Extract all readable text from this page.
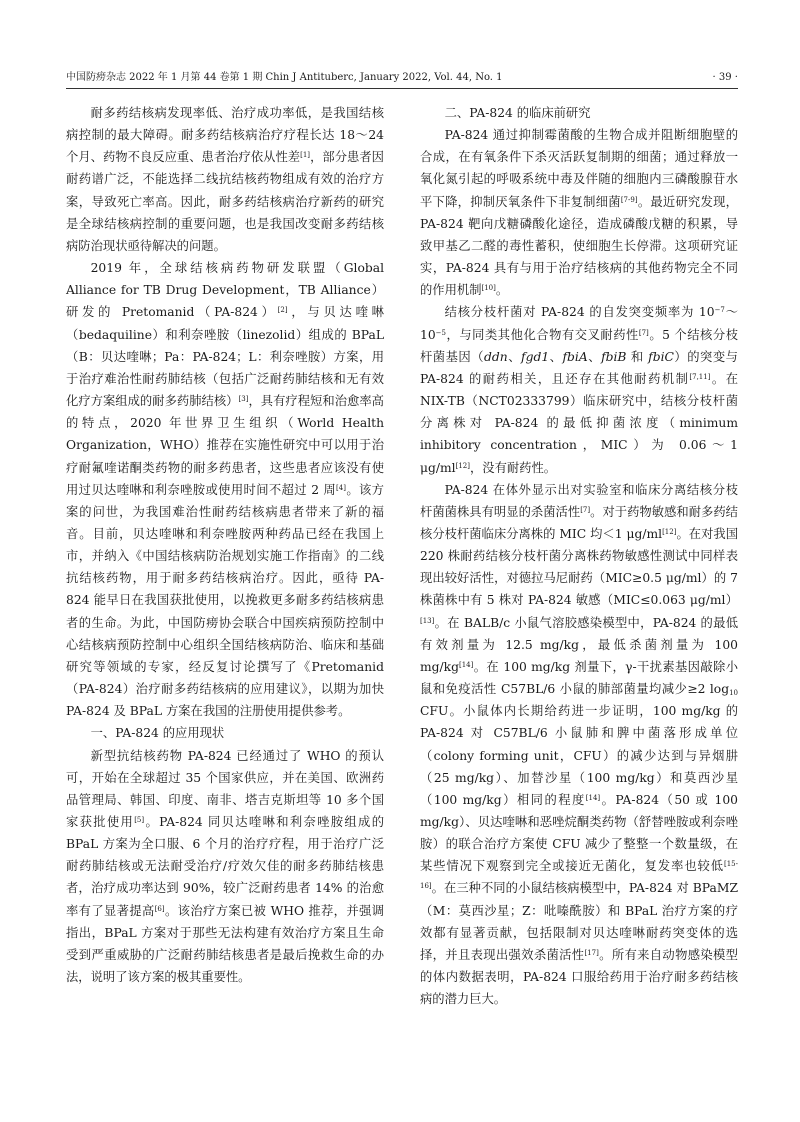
中国防痨杂志 2022 年 1 月第 44 卷第 1 期 Chin J Antituberc, January 2022, Vol. 44, No. 1	· 39 ·

耐多药结核病发现率低、治疗成功率低，是我国结核病控制的最大障碍。耐多药结核病治疗疗程长达 18～24 个月、药物不良反应重、患者治疗依从性差[1]，部分患者因耐药谱广泛，不能选择二线抗结核药物组成有效的治疗方案，导致死亡率高。因此，耐多药结核病治疗新药的研究是全球结核病控制的重要问题，也是我国改变耐多药结核病防治现状亟待解决的问题。

2019 年，全球结核病药物研发联盟（Global Alliance for TB Drug Development，TB Alliance）研发的 Pretomanid（PA-824）[2]，与贝达喹啉（bedaquiline）和利奈唑胺（linezolid）组成的 BPaL（B：贝达喹啉；Pa：PA-824；L：利奈唑胺）方案，用于治疗难治性耐药肺结核（包括广泛耐药肺结核和无有效化疗方案组成的耐多药肺结核）[3]，具有疗程短和治愈率高的特点，2020 年世界卫生组织（World Health Organization，WHO）推荐在实施性研究中可以用于治疗耐氟喹诺酮类药物的耐多药患者，这些患者应该没有使用过贝达喹啉和利奈唑胺或使用时间不超过 2 周[4]。该方案的问世，为我国难治性耐药结核病患者带来了新的福音。目前，贝达喹啉和利奈唑胺两种药品已经在我国上市，并纳入《中国结核病防治规划实施工作指南》的二线抗结核药物，用于耐多药结核病治疗。因此，亟待 PA-824 能早日在我国获批使用，以挽救更多耐多药结核病患者的生命。为此，中国防痨协会联合中国疾病预防控制中心结核病预防控制中心组织全国结核病防治、临床和基础研究等领域的专家，经反复讨论撰写了《Pretomanid（PA-824）治疗耐多药结核病的应用建议》，以期为加快 PA-824 及 BPaL 方案在我国的注册使用提供参考。

一、PA-824 的应用现状

新型抗结核药物 PA-824 已经通过了 WHO 的预认可，开始在全球超过 35 个国家供应，并在美国、欧洲药品管理局、韩国、印度、南非、塔吉克斯坦等 10 多个国家获批使用[5]。PA-824 同贝达喹啉和利奈唑胺组成的 BPaL 方案为全口服、6 个月的治疗疗程，用于治疗广泛耐药肺结核或无法耐受治疗/疗效欠佳的耐多药肺结核患者，治疗成功率达到 90%，较广泛耐药患者 14% 的治愈率有了显著提高[6]。该治疗方案已被 WHO 推荐，并强调指出，BPaL 方案对于那些无法构建有效治疗方案且生命受到严重威胁的广泛耐药肺结核患者是最后挽救生命的办法，说明了该方案的极其重要性。

二、PA-824 的临床前研究

PA-824 通过抑制霉菌酸的生物合成并阻断细胞壁的合成，在有氧条件下杀灭活跃复制期的细菌；通过释放一氧化氮引起的呼吸系统中毒及伴随的细胞内三磷酸腺苷水平下降，抑制厌氧条件下非复制细菌[7-9]。最近研究发现，PA-824 靶向戊糖磷酸化途径，造成磷酸戊糖的积累，导致甲基乙二醛的毒性蓄积，使细胞生长停滞。这项研究证实，PA-824 具有与用于治疗结核病的其他药物完全不同的作用机制[10]。

结核分枝杆菌对 PA-824 的自发突变频率为 $10^{-7}\sim 10^{-5}$，与同类其他化合物有交叉耐药性[7]。5 个结核分枝杆菌基因（ddn、fgd1、fbiA、fbiB 和 fbiC）的突变与 PA-824 的耐药相关，且还存在其他耐药机制[7,11]。在 NIX-TB（NCT02333799）临床研究中，结核分枝杆菌分离株对 PA-824 的最低抑菌浓度（minimum inhibitory concentration，MIC）为 0.06～1 μg/ml[12]，没有耐药性。

PA-824 在体外显示出对实验室和临床分离结核分枝杆菌菌株具有明显的杀菌活性[7]。对于药物敏感和耐多药结核分枝杆菌临床分离株的 MIC 均＜1 μg/ml[12]。在对我国 220 株耐药结核分枝杆菌分离株药物敏感性测试中同样表现出较好活性，对德拉马尼耐药（MIC≥0.5 μg/ml）的 7 株菌株中有 5 株对 PA-824 敏感（MIC≤0.063 μg/ml）[13]。在 BALB/c 小鼠气溶胶感染模型中，PA-824 的最低有效剂量为 12.5 mg/kg，最低杀菌剂量为 100 mg/kg[14]。在 100 mg/kg 剂量下，γ-干扰素基因敲除小鼠和免疫活性 C57BL/6 小鼠的肺部菌量均减少≥2 $\log_{10}$ CFU。小鼠体内长期给药进一步证明，100 mg/kg 的 PA-824 对 C57BL/6 小鼠肺和脾中菌落形成单位（colony forming unit，CFU）的减少达到与异烟肼（25 mg/kg）、加替沙星（100 mg/kg）和莫西沙星（100 mg/kg）相同的程度[14]。PA-824（50 或 100 mg/kg）、贝达喹啉和恶唑烷酮类药物（舒替唑胺或利奈唑胺）的联合治疗方案使 CFU 减少了整整一个数量级，在某些情况下观察到完全或接近无菌化，复发率也较低[15-16]。在三种不同的小鼠结核病模型中，PA-824 对 BPaMZ（M：莫西沙星；Z：吡嗪酰胺）和 BPaL 治疗方案的疗效都有显著贡献，包括限制对贝达喹啉耐药突变体的选择，并且表现出强效杀菌活性[17]。所有来自动物感染模型的体内数据表明，PA-824 口服给药用于治疗耐多药结核病的潜力巨大。
